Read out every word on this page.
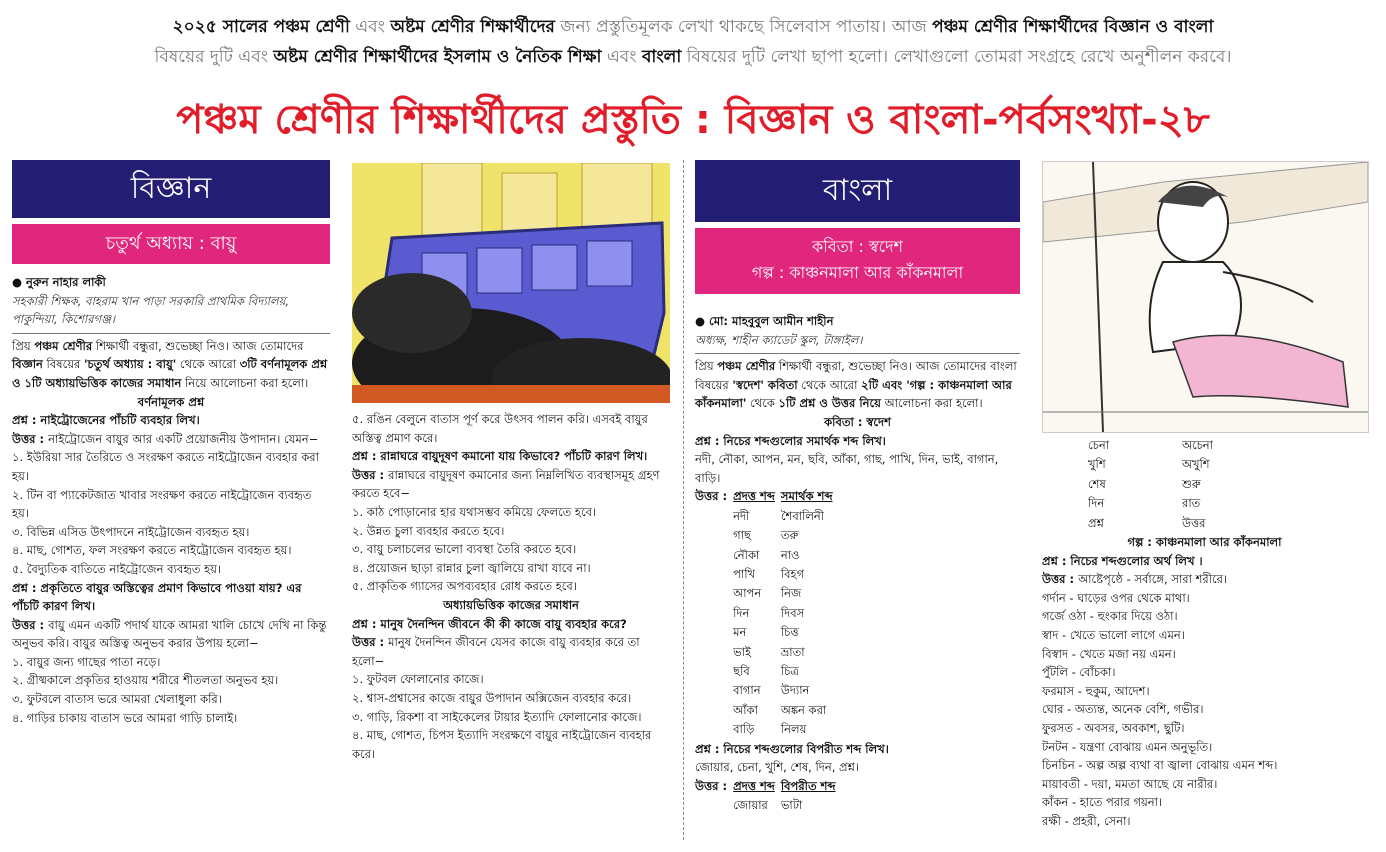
২০২৫ সালের পঞ্চম শ্রেণী এবং অষ্টম শ্রেণীর শিক্ষার্থীদের জন্য প্রস্তুতিমূলক লেখা থাকছে সিলেবাস পাতায়। আজ পঞ্চম শ্রেণীর শিক্ষার্থীদের বিজ্ঞান ও বাংলা
বিষয়ের দুটি এবং অষ্টম শ্রেণীর শিক্ষার্থীদের ইসলাম ও নৈতিক শিক্ষা এবং বাংলা বিষয়ের দুটি লেখা ছাপা হলো। লেখাগুলো তোমরা সংগ্রহে রেখে অনুশীলন করবে।
পঞ্চম শ্রেণীর শিক্ষার্থীদের প্রস্তুতি : বিজ্ঞান ও বাংলা-পর্বসংখ্যা-২৮
বিজ্ঞান
চতুর্থ অধ্যায় : বায়ু

● নুরুন নাহার লাকী

সহকারী শিক্ষক, বাহরাম খান পাড়া সরকারি প্রাথমিক বিদ্যালয়, পাকুন্দিয়া, কিশোরগঞ্জ।

প্রিয় পঞ্চম শ্রেণীর শিক্ষার্থী বন্ধুরা, শুভেচ্ছা নিও। আজ তোমাদের বিজ্ঞান বিষয়ের 'চতুর্থ অধ্যায় : বায়ু' থেকে আরো ৩টি বর্ণনামূলক প্রশ্ন ও ১টি অধ্যায়ভিত্তিক কাজের সমাধান নিয়ে আলোচনা করা হলো।

বর্ণনামূলক প্রশ্ন

প্রশ্ন : নাইট্রোজেনের পাঁচটি ব্যবহার লিখ।

উত্তর : নাইট্রোজেন বায়ুর আর একটি প্রয়োজনীয় উপাদান। যেমন−

১. ইউরিয়া সার তৈরিতে ও সংরক্ষণ করতে নাইট্রোজেন ব্যবহার করা হয়।

২. টিন বা প্যাকেটজাত খাবার সংরক্ষণ করতে নাইট্রোজেন ব্যবহৃত হয়।

৩. বিভিন্ন এসিড উৎপাদনে নাইট্রোজেন ব্যবহৃত হয়।

৪. মাছ, গোশত, ফল সংরক্ষণ করতে নাইট্রোজেন ব্যবহৃত হয়।

৫. বৈদ্যুতিক বাতিতে নাইট্রোজেন ব্যবহৃত হয়।

প্রশ্ন : প্রকৃতিতে বায়ুর অস্তিত্বের প্রমাণ কিভাবে পাওয়া যায়? এর পাঁচটি কারণ লিখ।

উত্তর : বায়ু এমন একটি পদার্থ যাকে আমরা খালি চোখে দেখি না কিন্তু অনুভব করি। বায়ুর অস্তিত্ব অনুভব করার উপায় হলো−

১. বায়ুর জন্য গাছের পাতা নড়ে।

২. গ্রীষ্মকালে প্রকৃতির হাওয়ায় শরীরে শীতলতা অনুভব হয়।

৩. ফুটবলে বাতাস ভরে আমরা খেলাধুলা করি।

৪. গাড়ির চাকায় বাতাস ভরে আমরা গাড়ি চালাই।

৫. রঙিন বেলুনে বাতাস পূর্ণ করে উৎসব পালন করি। এসবই বায়ুর অস্তিত্ব প্রমাণ করে।

প্রশ্ন : রান্নাঘরে বায়ুদূষণ কমানো যায় কিভাবে? পাঁচটি কারণ লিখ।

উত্তর : রান্নাঘরে বায়ুদূষণ কমানোর জন্য নিম্নলিখিত ব্যবস্থাসমূহ গ্রহণ করতে হবে−

১. কাঠ পোড়ানোর হার যথাসম্ভব কমিয়ে ফেলতে হবে।

২. উন্নত চুলা ব্যবহার করতে হবে।

৩. বায়ু চলাচলের ভালো ব্যবস্থা তৈরি করতে হবে।

৪. প্রয়োজন ছাড়া রান্নার চুলা জ্বালিয়ে রাখা যাবে না।

৫. প্রাকৃতিক গ্যাসের অপব্যবহার রোধ করতে হবে।

অধ্যায়ভিত্তিক কাজের সমাধান

প্রশ্ন : মানুষ দৈনন্দিন জীবনে কী কী কাজে বায়ু ব্যবহার করে?

উত্তর : মানুষ দৈনন্দিন জীবনে যেসব কাজে বায়ু ব্যবহার করে তা হলো−

১. ফুটবল ফোলানোর কাজে।

২. শ্বাস-প্রশ্বাসের কাজে বায়ুর উপাদান অক্সিজেন ব্যবহার করে।

৩. গাড়ি, রিকশা বা সাইকেলের টায়ার ইত্যাদি ফোলানোর কাজে।

৪. মাছ, গোশত, চিপস ইত্যাদি সংরক্ষণে বায়ুর নাইট্রোজেন ব্যবহার করে।

বাংলা
কবিতা : স্বদেশ
গল্প : কাঞ্চনমালা আর কাঁকনমালা

● মো: মাহবুবুল আমীন শাহীন

অধ্যক্ষ, শাহীন ক্যাডেট স্কুল, টাঙ্গাইল।

প্রিয় পঞ্চম শ্রেণীর শিক্ষার্থী বন্ধুরা, শুভেচ্ছা নিও। আজ তোমাদের বাংলা বিষয়ের 'স্বদেশ' কবিতা থেকে আরো ২টি এবং 'গল্প : কাঞ্চনমালা আর কাঁকনমালা' থেকে ১টি প্রশ্ন ও উত্তর নিয়ে আলোচনা করা হলো।

কবিতা : স্বদেশ

প্রশ্ন : নিচের শব্দগুলোর সমার্থক শব্দ লিখ।

নদী, নৌকা, আপন, মন, ছবি, আঁকা, গাছ, পাখি, দিন, ভাই, বাগান, বাড়ি।

উত্তর :	প্রদত্ত শব্দ	সমার্থক শব্দ
	নদী	শৈবালিনী
	গাছ	তরু
	নৌকা	নাও
	পাখি	বিহগ
	আপন	নিজ
	দিন	দিবস
	মন	চিত্ত
	ভাই	ভ্রাতা
	ছবি	চিত্র
	বাগান	উদ্যান
	আঁকা	অঙ্কন করা
	বাড়ি	নিলয়

প্রশ্ন : নিচের শব্দগুলোর বিপরীত শব্দ লিখ।

জোয়ার, চেনা, খুশি, শেষ, দিন, প্রশ্ন।

উত্তর :	প্রদত্ত শব্দ	বিপরীত শব্দ
	জোয়ার	ভাটা
চেনা	অচেনা
খুশি	অখুশি
শেষ	শুরু
দিন	রাত
প্রশ্ন	উত্তর

গল্প : কাঞ্চনমালা আর কাঁকনমালা

প্রশ্ন : নিচের শব্দগুলোর অর্থ লিখ ।

উত্তর : আষ্টেপৃষ্ঠে - সর্বাঙ্গে, সারা শরীরে।

গর্দান - ঘাড়ের ওপর থেকে মাথা।

গর্জে ওঠা - হুংকার দিয়ে ওঠা।

স্বাদ - খেতে ভালো লাগে এমন।

বিস্বাদ - খেতে মজা নয় এমন।

পুঁটলি - বোঁচকা।

ফরমাস - হুকুম, আদেশ।

ঘোর - অত্যন্ত, অনেক বেশি, গভীর।

ফুরসত - অবসর, অবকাশ, ছুটি।

টনটন - যন্ত্রণা বোঝায় এমন অনুভূতি।

চিনচিন - অল্প অল্প ব্যথা বা জ্বালা বোঝায় এমন শব্দ।

মায়াবতী - দয়া, মমতা আছে যে নারীর।

কাঁকন - হাতে পরার গয়না।

রক্ষী - প্রহরী, সেনা।
